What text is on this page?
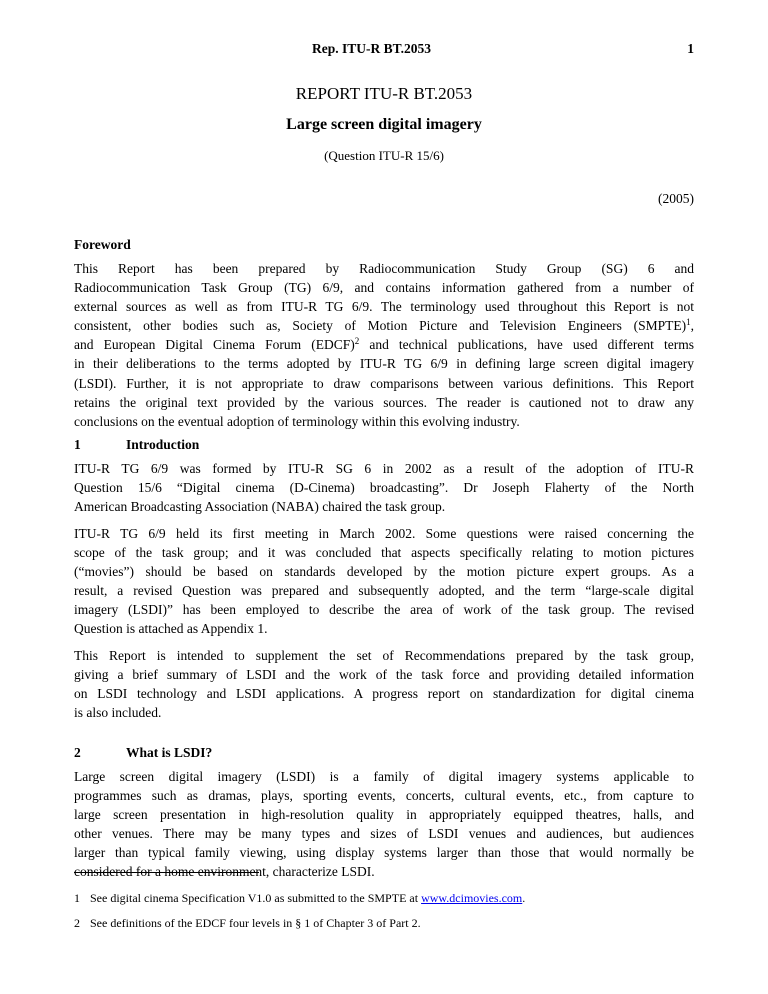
Rep. ITU-R BT.2053	1
REPORT ITU-R BT.2053
Large screen digital imagery
(Question ITU-R 15/6)
(2005)
Foreword
This Report has been prepared by Radiocommunication Study Group (SG) 6 and
Radiocommunication Task Group (TG) 6/9, and contains information gathered from a number of
external sources as well as from ITU-R TG 6/9. The terminology used throughout this Report is not
consistent, other bodies such as, Society of Motion Picture and Television Engineers (SMPTE)$^1$,
and European Digital Cinema Forum (EDCF)$^2$ and technical publications, have used different terms
in their deliberations to the terms adopted by ITU-R TG 6/9 in defining large screen digital imagery
(LSDI). Further, it is not appropriate to draw comparisons between various definitions. This Report
retains the original text provided by the various sources. The reader is cautioned not to draw any
conclusions on the eventual adoption of terminology within this evolving industry.
1	Introduction
ITU-R TG 6/9 was formed by ITU-R SG 6 in 2002 as a result of the adoption of ITU-R
Question 15/6 “Digital cinema (D-Cinema) broadcasting”. Dr Joseph Flaherty of the North
American Broadcasting Association (NABA) chaired the task group.
ITU-R TG 6/9 held its first meeting in March 2002. Some questions were raised concerning the
scope of the task group; and it was concluded that aspects specifically relating to motion pictures
(“movies”) should be based on standards developed by the motion picture expert groups. As a
result, a revised Question was prepared and subsequently adopted, and the term “large-scale digital
imagery (LSDI)” has been employed to describe the area of work of the task group. The revised
Question is attached as Appendix 1.
This Report is intended to supplement the set of Recommendations prepared by the task group,
giving a brief summary of LSDI and the work of the task force and providing detailed information
on LSDI technology and LSDI applications. A progress report on standardization for digital cinema
is also included.
2	What is LSDI?
Large screen digital imagery (LSDI) is a family of digital imagery systems applicable to
programmes such as dramas, plays, sporting events, concerts, cultural events, etc., from capture to
large screen presentation in high-resolution quality in appropriately equipped theatres, halls, and
other venues. There may be many types and sizes of LSDI venues and audiences, but audiences
larger than typical family viewing, using display systems larger than those that would normally be
considered for a home environment, characterize LSDI.
1 See digital cinema Specification V1.0 as submitted to the SMPTE at www.dcimovies.com.
2 See definitions of the EDCF four levels in § 1 of Chapter 3 of Part 2.
